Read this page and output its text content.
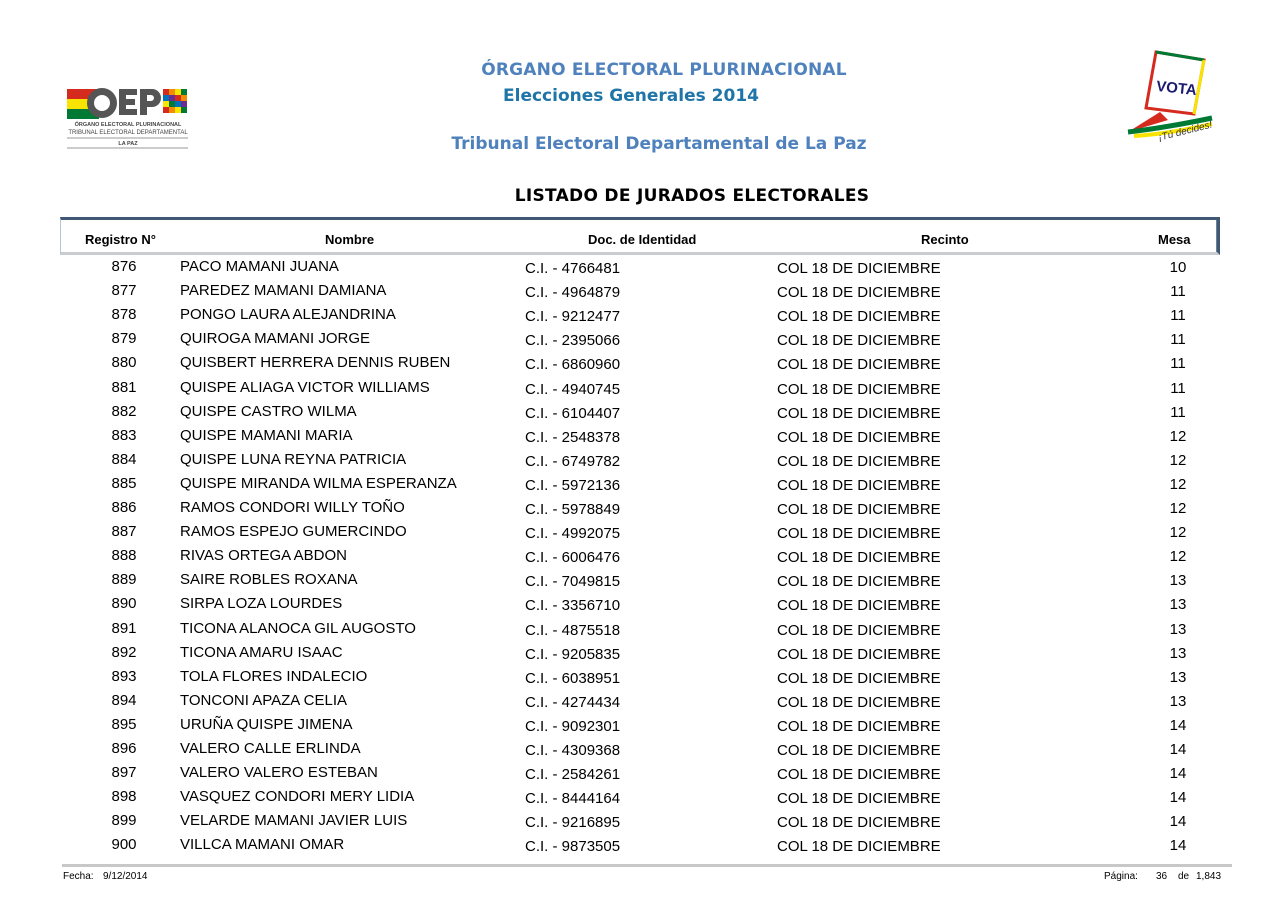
ÓRGANO ELECTORAL PLURINACIONAL
TRIBUNAL ELECTORAL DEPARTAMENTAL
LA PAZ
VOTA
¡Tú decides!
ÓRGANO ELECTORAL PLURINACIONAL
Elecciones Generales 2014
Tribunal Electoral Departamental de La Paz
LISTADO DE JURADOS ELECTORALES
Registro N°	Nombre	Doc. de Identidad	Recinto	Mesa
876	PACO MAMANI JUANA	C.I. - 4766481	COL 18 DE DICIEMBRE	10
877	PAREDEZ MAMANI DAMIANA	C.I. - 4964879	COL 18 DE DICIEMBRE	11
878	PONGO LAURA ALEJANDRINA	C.I. - 9212477	COL 18 DE DICIEMBRE	11
879	QUIROGA MAMANI JORGE	C.I. - 2395066	COL 18 DE DICIEMBRE	11
880	QUISBERT HERRERA DENNIS RUBEN	C.I. - 6860960	COL 18 DE DICIEMBRE	11
881	QUISPE ALIAGA VICTOR WILLIAMS	C.I. - 4940745	COL 18 DE DICIEMBRE	11
882	QUISPE CASTRO WILMA	C.I. - 6104407	COL 18 DE DICIEMBRE	11
883	QUISPE MAMANI MARIA	C.I. - 2548378	COL 18 DE DICIEMBRE	12
884	QUISPE LUNA REYNA PATRICIA	C.I. - 6749782	COL 18 DE DICIEMBRE	12
885	QUISPE MIRANDA WILMA ESPERANZA	C.I. - 5972136	COL 18 DE DICIEMBRE	12
886	RAMOS CONDORI WILLY TOÑO	C.I. - 5978849	COL 18 DE DICIEMBRE	12
887	RAMOS ESPEJO GUMERCINDO	C.I. - 4992075	COL 18 DE DICIEMBRE	12
888	RIVAS ORTEGA ABDON	C.I. - 6006476	COL 18 DE DICIEMBRE	12
889	SAIRE ROBLES ROXANA	C.I. - 7049815	COL 18 DE DICIEMBRE	13
890	SIRPA LOZA LOURDES	C.I. - 3356710	COL 18 DE DICIEMBRE	13
891	TICONA ALANOCA GIL AUGOSTO	C.I. - 4875518	COL 18 DE DICIEMBRE	13
892	TICONA AMARU ISAAC	C.I. - 9205835	COL 18 DE DICIEMBRE	13
893	TOLA FLORES INDALECIO	C.I. - 6038951	COL 18 DE DICIEMBRE	13
894	TONCONI APAZA CELIA	C.I. - 4274434	COL 18 DE DICIEMBRE	13
895	URUÑA QUISPE JIMENA	C.I. - 9092301	COL 18 DE DICIEMBRE	14
896	VALERO CALLE ERLINDA	C.I. - 4309368	COL 18 DE DICIEMBRE	14
897	VALERO VALERO ESTEBAN	C.I. - 2584261	COL 18 DE DICIEMBRE	14
898	VASQUEZ CONDORI MERY LIDIA	C.I. - 8444164	COL 18 DE DICIEMBRE	14
899	VELARDE MAMANI JAVIER LUIS	C.I. - 9216895	COL 18 DE DICIEMBRE	14
900	VILLCA MAMANI OMAR	C.I. - 9873505	COL 18 DE DICIEMBRE	14
Fecha: 9/12/2014	Página: 36 de 1,843
